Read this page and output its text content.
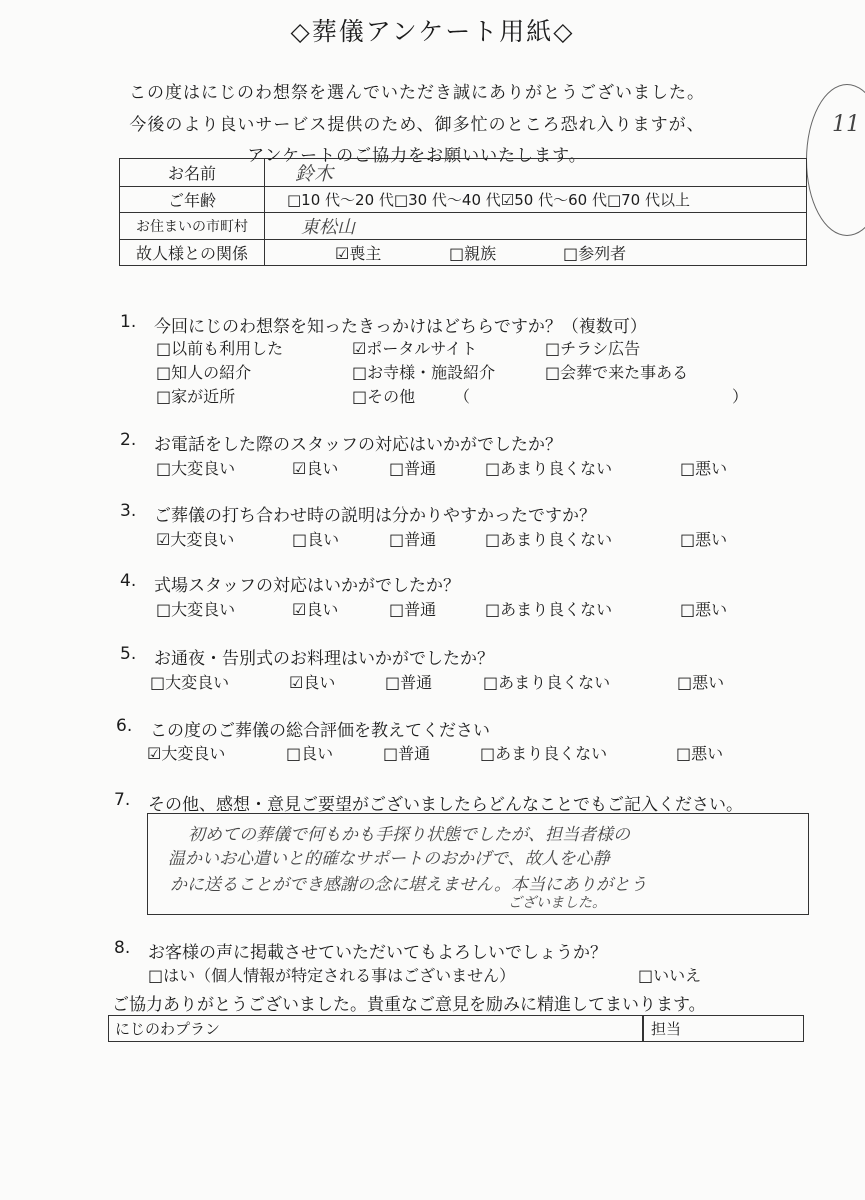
◇葬儀アンケート用紙◇
この度はにじのわ想祭を選んでいただき誠にありがとうございました。
今後のより良いサービス提供のため、御多忙のところ恐れ入りますが、
アンケートのご協力をお願いいたします。
11
お名前	鈴木
ご年齢	□10 代～20 代□30 代～40 代☑50 代～60 代□70 代以上
お住まいの市町村	東松山
故人様との関係	☑喪主 □親族 □参列者
1. 今回にじのわ想祭を知ったきっかけはどちらですか？（複数可）
□以前も利用した	☑ポータルサイト	□チラシ広告
□知人の紹介	□お寺様・施設紹介	□会葬で来た事ある
□家が近所	□その他 （	）
2. お電話をした際のスタッフの対応はいかがでしたか？
□大変良い	☑良い	□普通	□あまり良くない	□悪い
3. ご葬儀の打ち合わせ時の説明は分かりやすかったですか？
☑大変良い	□良い	□普通	□あまり良くない	□悪い
4. 式場スタッフの対応はいかがでしたか？
□大変良い	☑良い	□普通	□あまり良くない	□悪い
5. お通夜・告別式のお料理はいかがでしたか？
□大変良い	☑良い	□普通	□あまり良くない	□悪い
6. この度のご葬儀の総合評価を教えてください
☑大変良い	□良い	□普通	□あまり良くない	□悪い
7. その他、感想・意見ご要望がございましたらどんなことでもご記入ください。
初めての葬儀で何もかも手探り状態でしたが、担当者様の
温かいお心遣いと的確なサポートのおかげで、故人を心静
かに送ることができ感謝の念に堪えません。本当にありがとう
ございました。
8. お客様の声に掲載させていただいてもよろしいでしょうか？
□はい（個人情報が特定される事はございません）	□いいえ
ご協力ありがとうございました。貴重なご意見を励みに精進してまいります。
にじのわプラン	担当
